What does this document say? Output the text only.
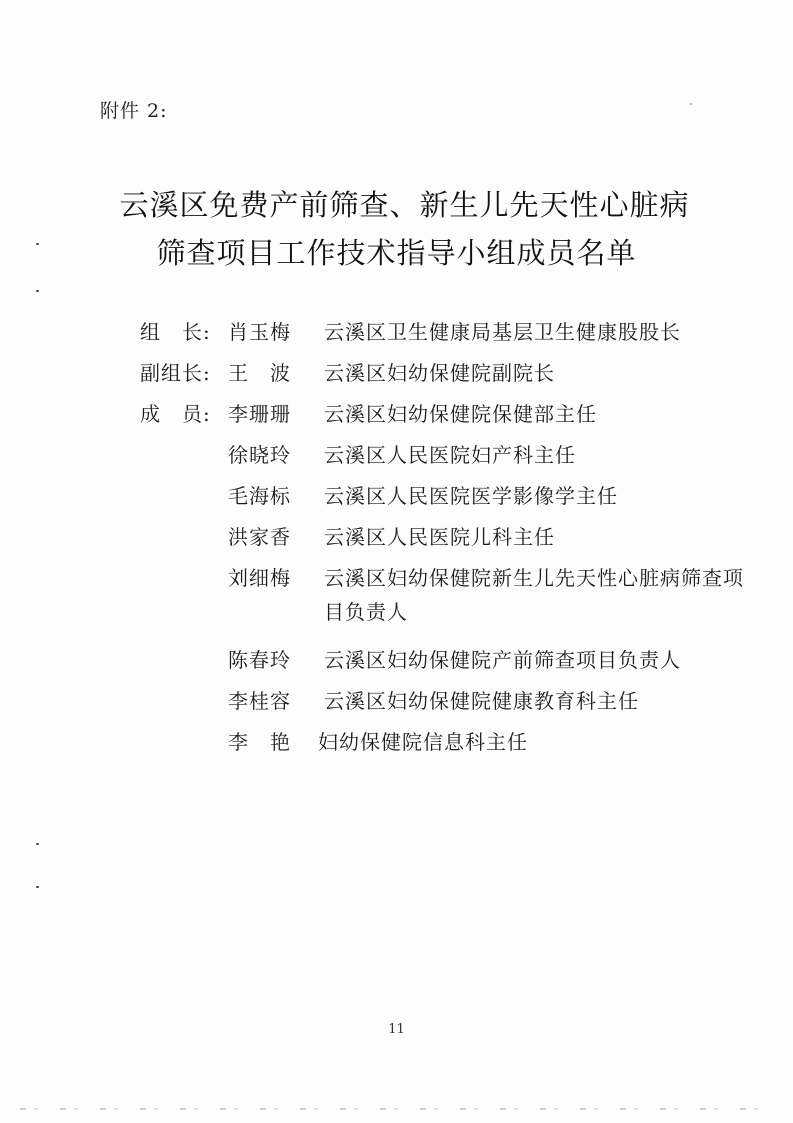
附件 2:
云溪区免费产前筛查、新生儿先天性心脏病
筛查项目工作技术指导小组成员名单
组　长: 肖玉梅	云溪区卫生健康局基层卫生健康股股长
副组长: 王　波	云溪区妇幼保健院副院长
成　员: 李珊珊	云溪区妇幼保健院保健部主任
徐晓玲	云溪区人民医院妇产科主任
毛海标	云溪区人民医院医学影像学主任
洪家香	云溪区人民医院儿科主任
刘细梅	云溪区妇幼保健院新生儿先天性心脏病筛查项目负责人
陈春玲	云溪区妇幼保健院产前筛查项目负责人
李桂容	云溪区妇幼保健院健康教育科主任
李　艳	妇幼保健院信息科主任
11
